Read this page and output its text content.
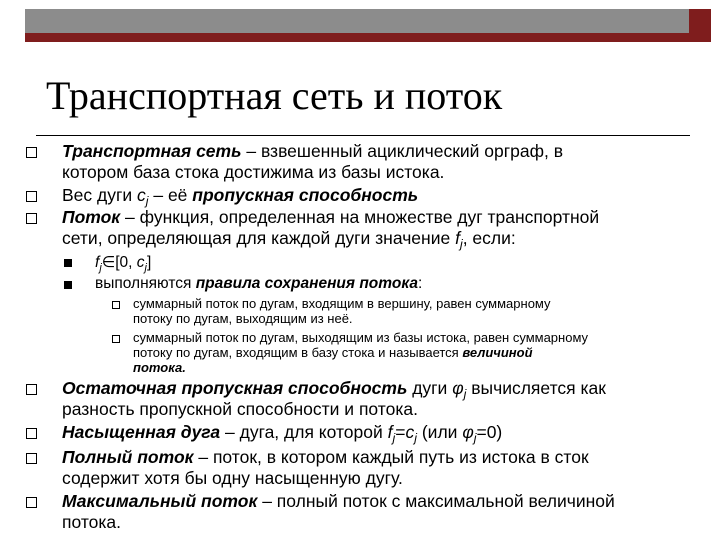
Транспортная сеть и поток
Транспортная сеть – взвешенный ациклический орграф, в
котором база стока достижима из базы истока.
Вес дуги $c_j$ – её пропускная способность
Поток – функция, определенная на множестве дуг транспортной
сети, определяющая для каждой дуги значение $f_j$, если:
$f_j\in[0$, $c_j$]
выполняются правила сохранения потока:
суммарный поток по дугам, входящим в вершину, равен суммарному
потоку по дугам, выходящим из неё.
суммарный поток по дугам, выходящим из базы истока, равен суммарному
потоку по дугам, входящим в базу стока и называется величиной
потока.
Остаточная пропускная способность дуги $\varphi_j$ вычисляется как
разность пропускной способности и потока.
Насыщенная дуга – дуга, для которой $f_j=c_j$ (или $\varphi_j=0$)
Полный поток – поток, в котором каждый путь из истока в сток
содержит хотя бы одну насыщенную дугу.
Максимальный поток – полный поток с максимальной величиной
потока.
